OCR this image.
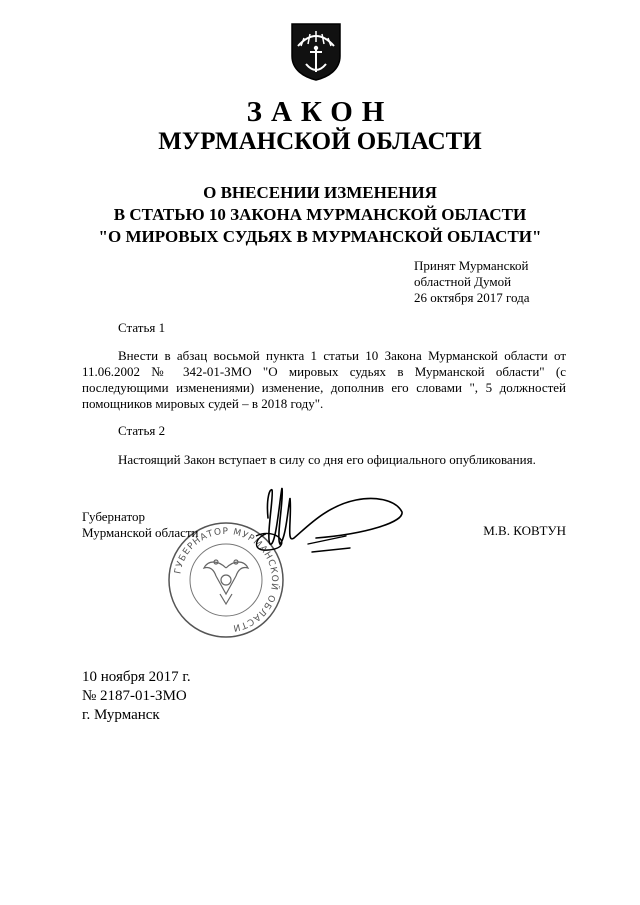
ЗАКОН
МУРМАНСКОЙ ОБЛАСТИ
О ВНЕСЕНИИ ИЗМЕНЕНИЯ
В СТАТЬЮ 10 ЗАКОНА МУРМАНСКОЙ ОБЛАСТИ
"О МИРОВЫХ СУДЬЯХ В МУРМАНСКОЙ ОБЛАСТИ"
Принят Мурманской
областной Думой
26 октября 2017 года
Статья 1
Внести в абзац восьмой пункта 1 статьи 10 Закона Мурманской области от 11.06.2002 № 342-01-ЗМО "О мировых судьях в Мурманской области" (с последующими изменениями) изменение, дополнив его словами ", 5 должностей помощников мировых судей – в 2018 году".
Статья 2
Настоящий Закон вступает в силу со дня его официального опубликования.
ГУБЕРНАТОР МУРМАНСКОЙ ОБЛАСТИ
Губернатор
Мурманской области	М.В. КОВТУН
10 ноября 2017 г.
№ 2187-01-ЗМО
г. Мурманск
